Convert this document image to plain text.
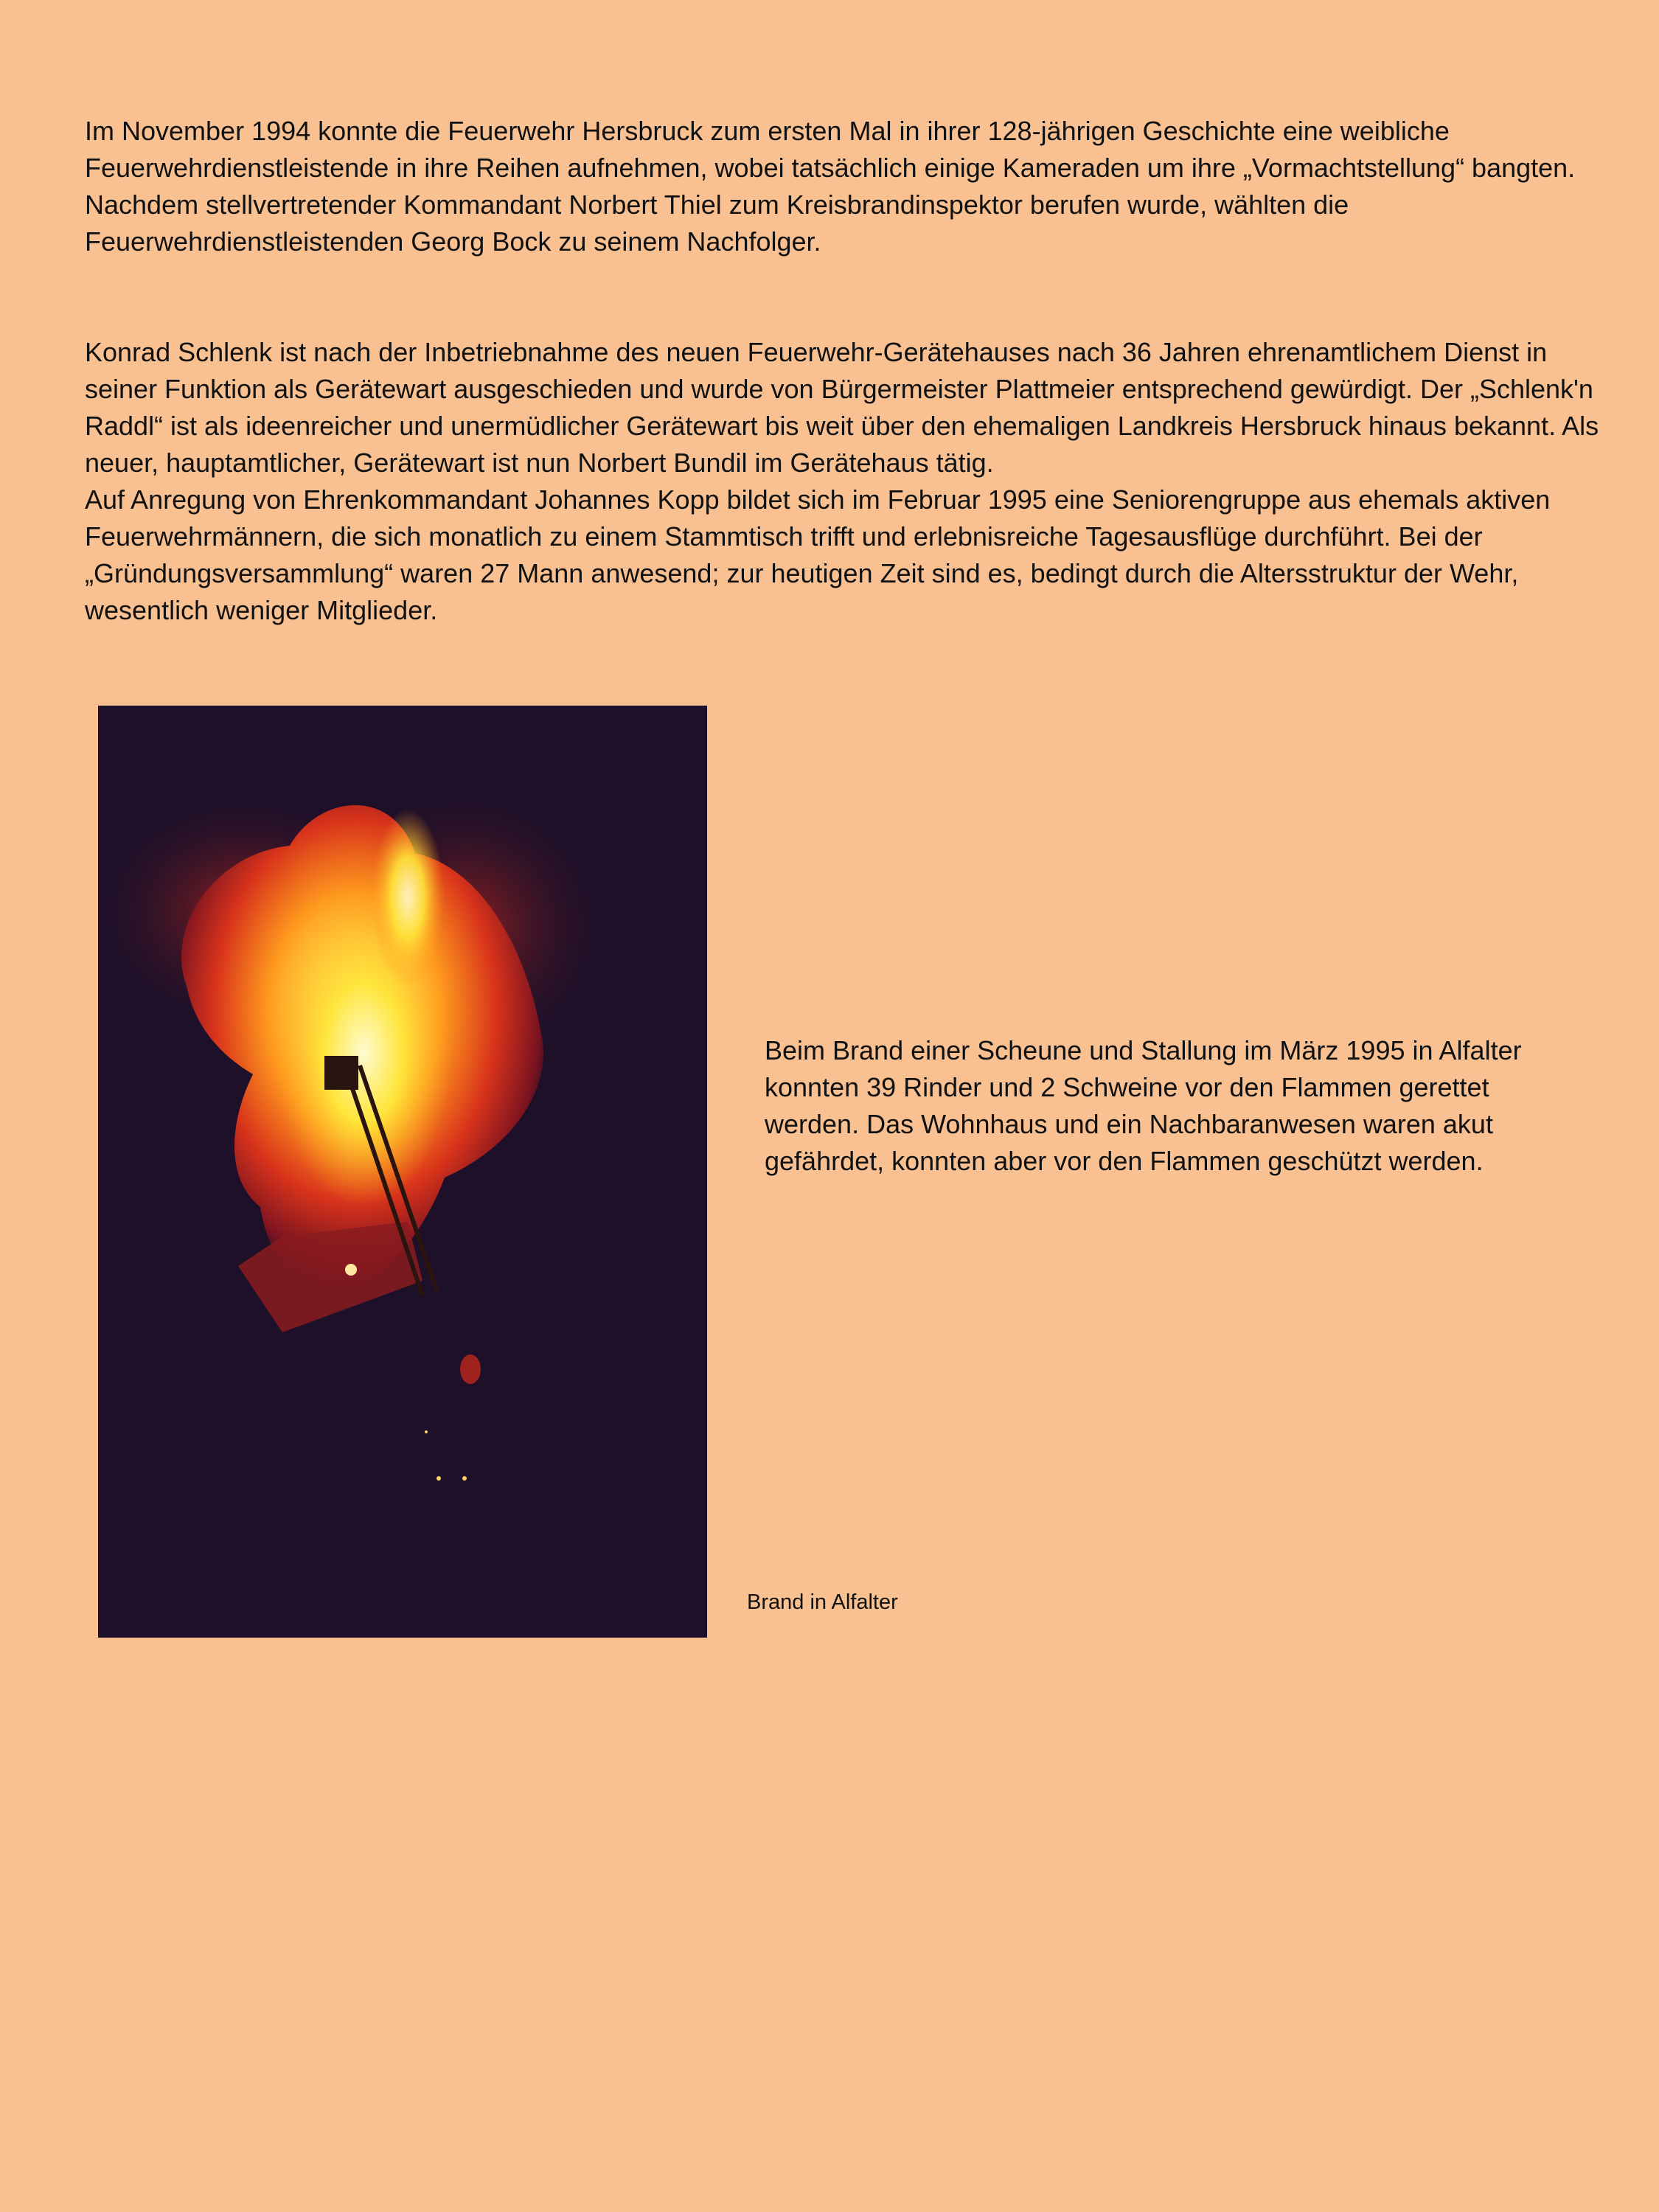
Im November 1994 konnte die Feuerwehr Hersbruck zum ersten Mal in ihrer 128-jährigen Geschichte eine weibliche Feuerwehrdienstleistende in ihre Reihen aufnehmen, wobei tatsächlich einige Kameraden um ihre „Vormachtstellung“ bangten.

Nachdem stellvertretender Kommandant Norbert Thiel zum Kreisbrandinspektor berufen wurde, wählten die Feuerwehrdienstleistenden Georg Bock zu seinem Nachfolger.

Konrad Schlenk ist nach der Inbetriebnahme des neuen Feuerwehr-Gerätehauses nach 36 Jahren ehrenamtlichem Dienst in seiner Funktion als Gerätewart ausgeschieden und wurde von Bürgermeister Plattmeier entsprechend gewürdigt. Der „Schlenk'n Raddl“ ist als ideenreicher und unermüdlicher Gerätewart bis weit über den ehemaligen Landkreis Hersbruck hinaus bekannt. Als neuer, hauptamtlicher, Gerätewart ist nun Norbert Bundil im Gerätehaus tätig.

Auf Anregung von Ehrenkommandant Johannes Kopp bildet sich im Februar 1995 eine Seniorengruppe aus ehemals aktiven Feuerwehrmännern, die sich monatlich zu einem Stammtisch trifft und erlebnisreiche Tagesausflüge durchführt. Bei der „Gründungsversammlung“ waren 27 Mann anwesend; zur heutigen Zeit sind es, bedingt durch die Altersstruktur der Wehr, wesentlich weniger Mitglieder.

Beim Brand einer Scheune und Stallung im März 1995 in Alfalter konnten 39 Rinder und 2 Schweine vor den Flammen gerettet werden. Das Wohnhaus und ein Nachbaranwesen waren akut gefährdet, konnten aber vor den Flammen geschützt werden.
Brand in Alfalter
